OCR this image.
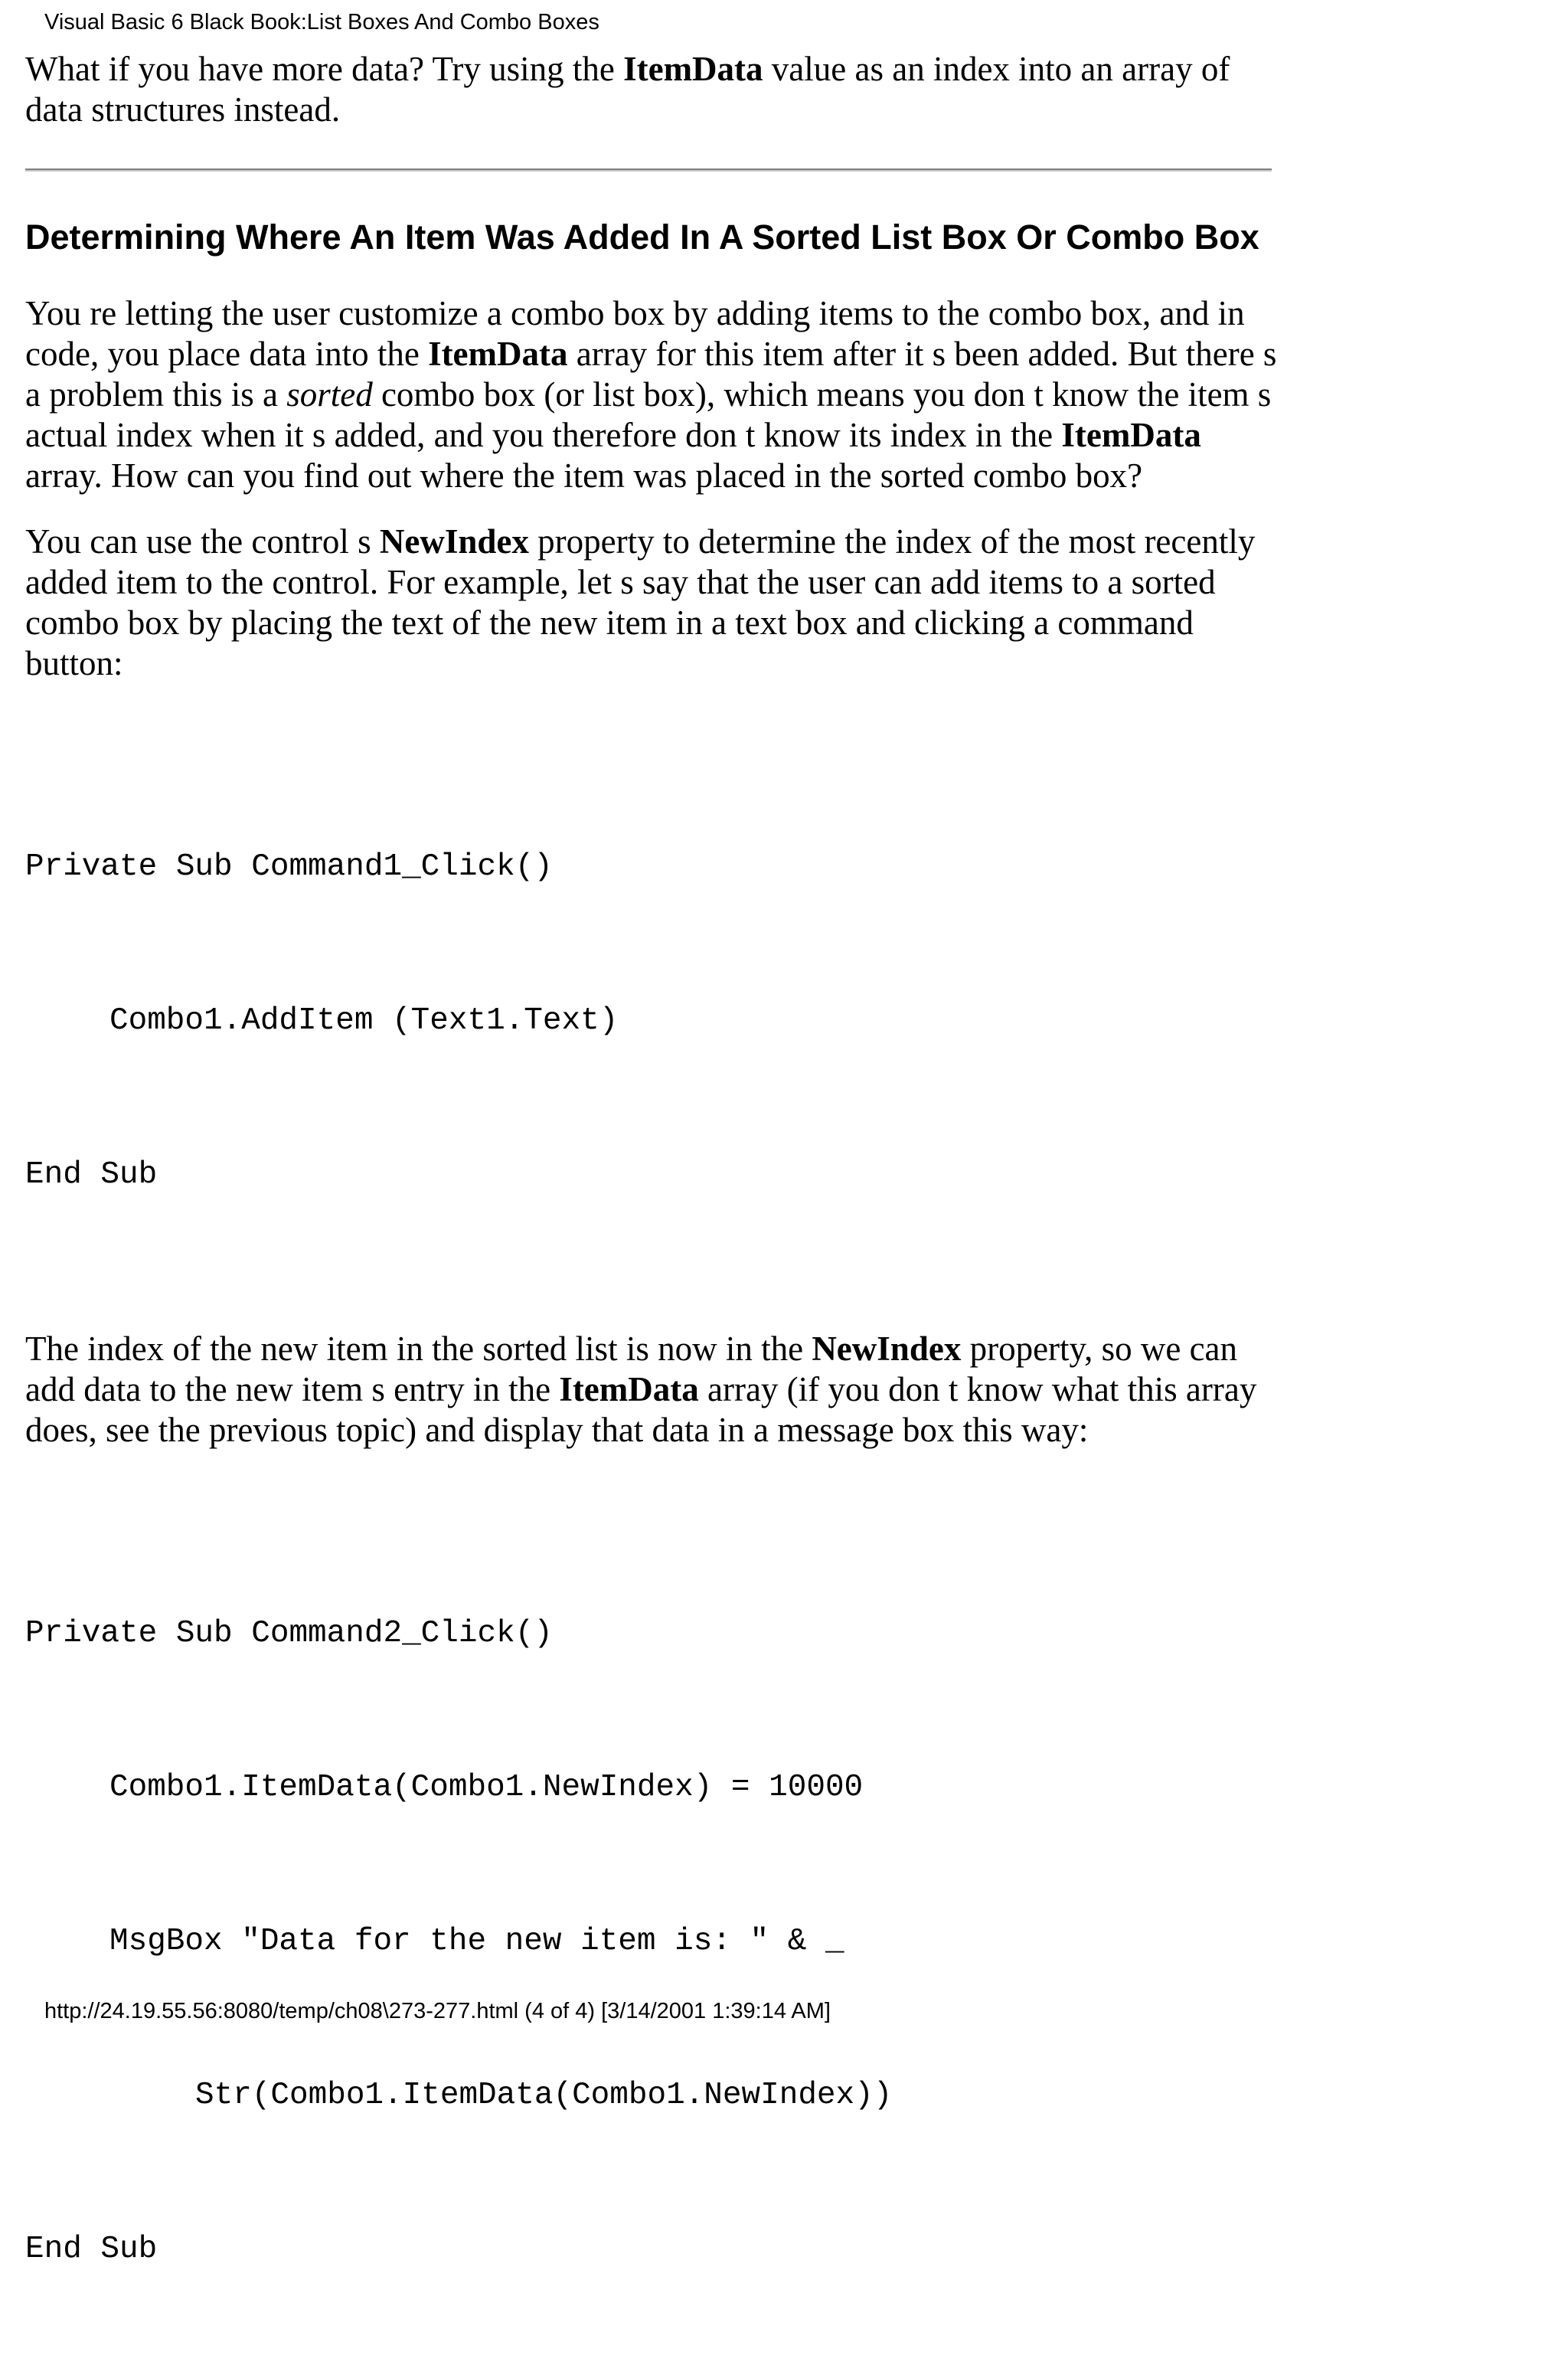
Visual Basic 6 Black Book:List Boxes And Combo Boxes

What if you have more data? Try using the ItemData value as an index into an array of data structures instead.

Determining Where An Item Was Added In A Sorted List Box Or Combo Box

You re letting the user customize a combo box by adding items to the combo box, and in code, you place data into the ItemData array for this item after it s been added. But there s a problem this is a sorted combo box (or list box), which means you don t know the item s actual index when it s added, and you therefore don t know its index in the ItemData array. How can you find out where the item was placed in the sorted combo box?

You can use the control s NewIndex property to determine the index of the most recently added item to the control. For example, let s say that the user can add items to a sorted combo box by placing the text of the new item in a text box and clicking a command button:

Private Sub Command1_Click()

Combo1.AddItem (Text1.Text)

End Sub

The index of the new item in the sorted list is now in the NewIndex property, so we can add data to the new item s entry in the ItemData array (if you don t know what this array does, see the previous topic) and display that data in a message box this way:

Private Sub Command2_Click()

Combo1.ItemData(Combo1.NewIndex) = 10000

MsgBox "Data for the new item is: " & _

Str(Combo1.ItemData(Combo1.NewIndex))

End Sub

http://24.19.55.56:8080/temp/ch08\273-277.html (4 of 4) [3/14/2001 1:39:14 AM]
